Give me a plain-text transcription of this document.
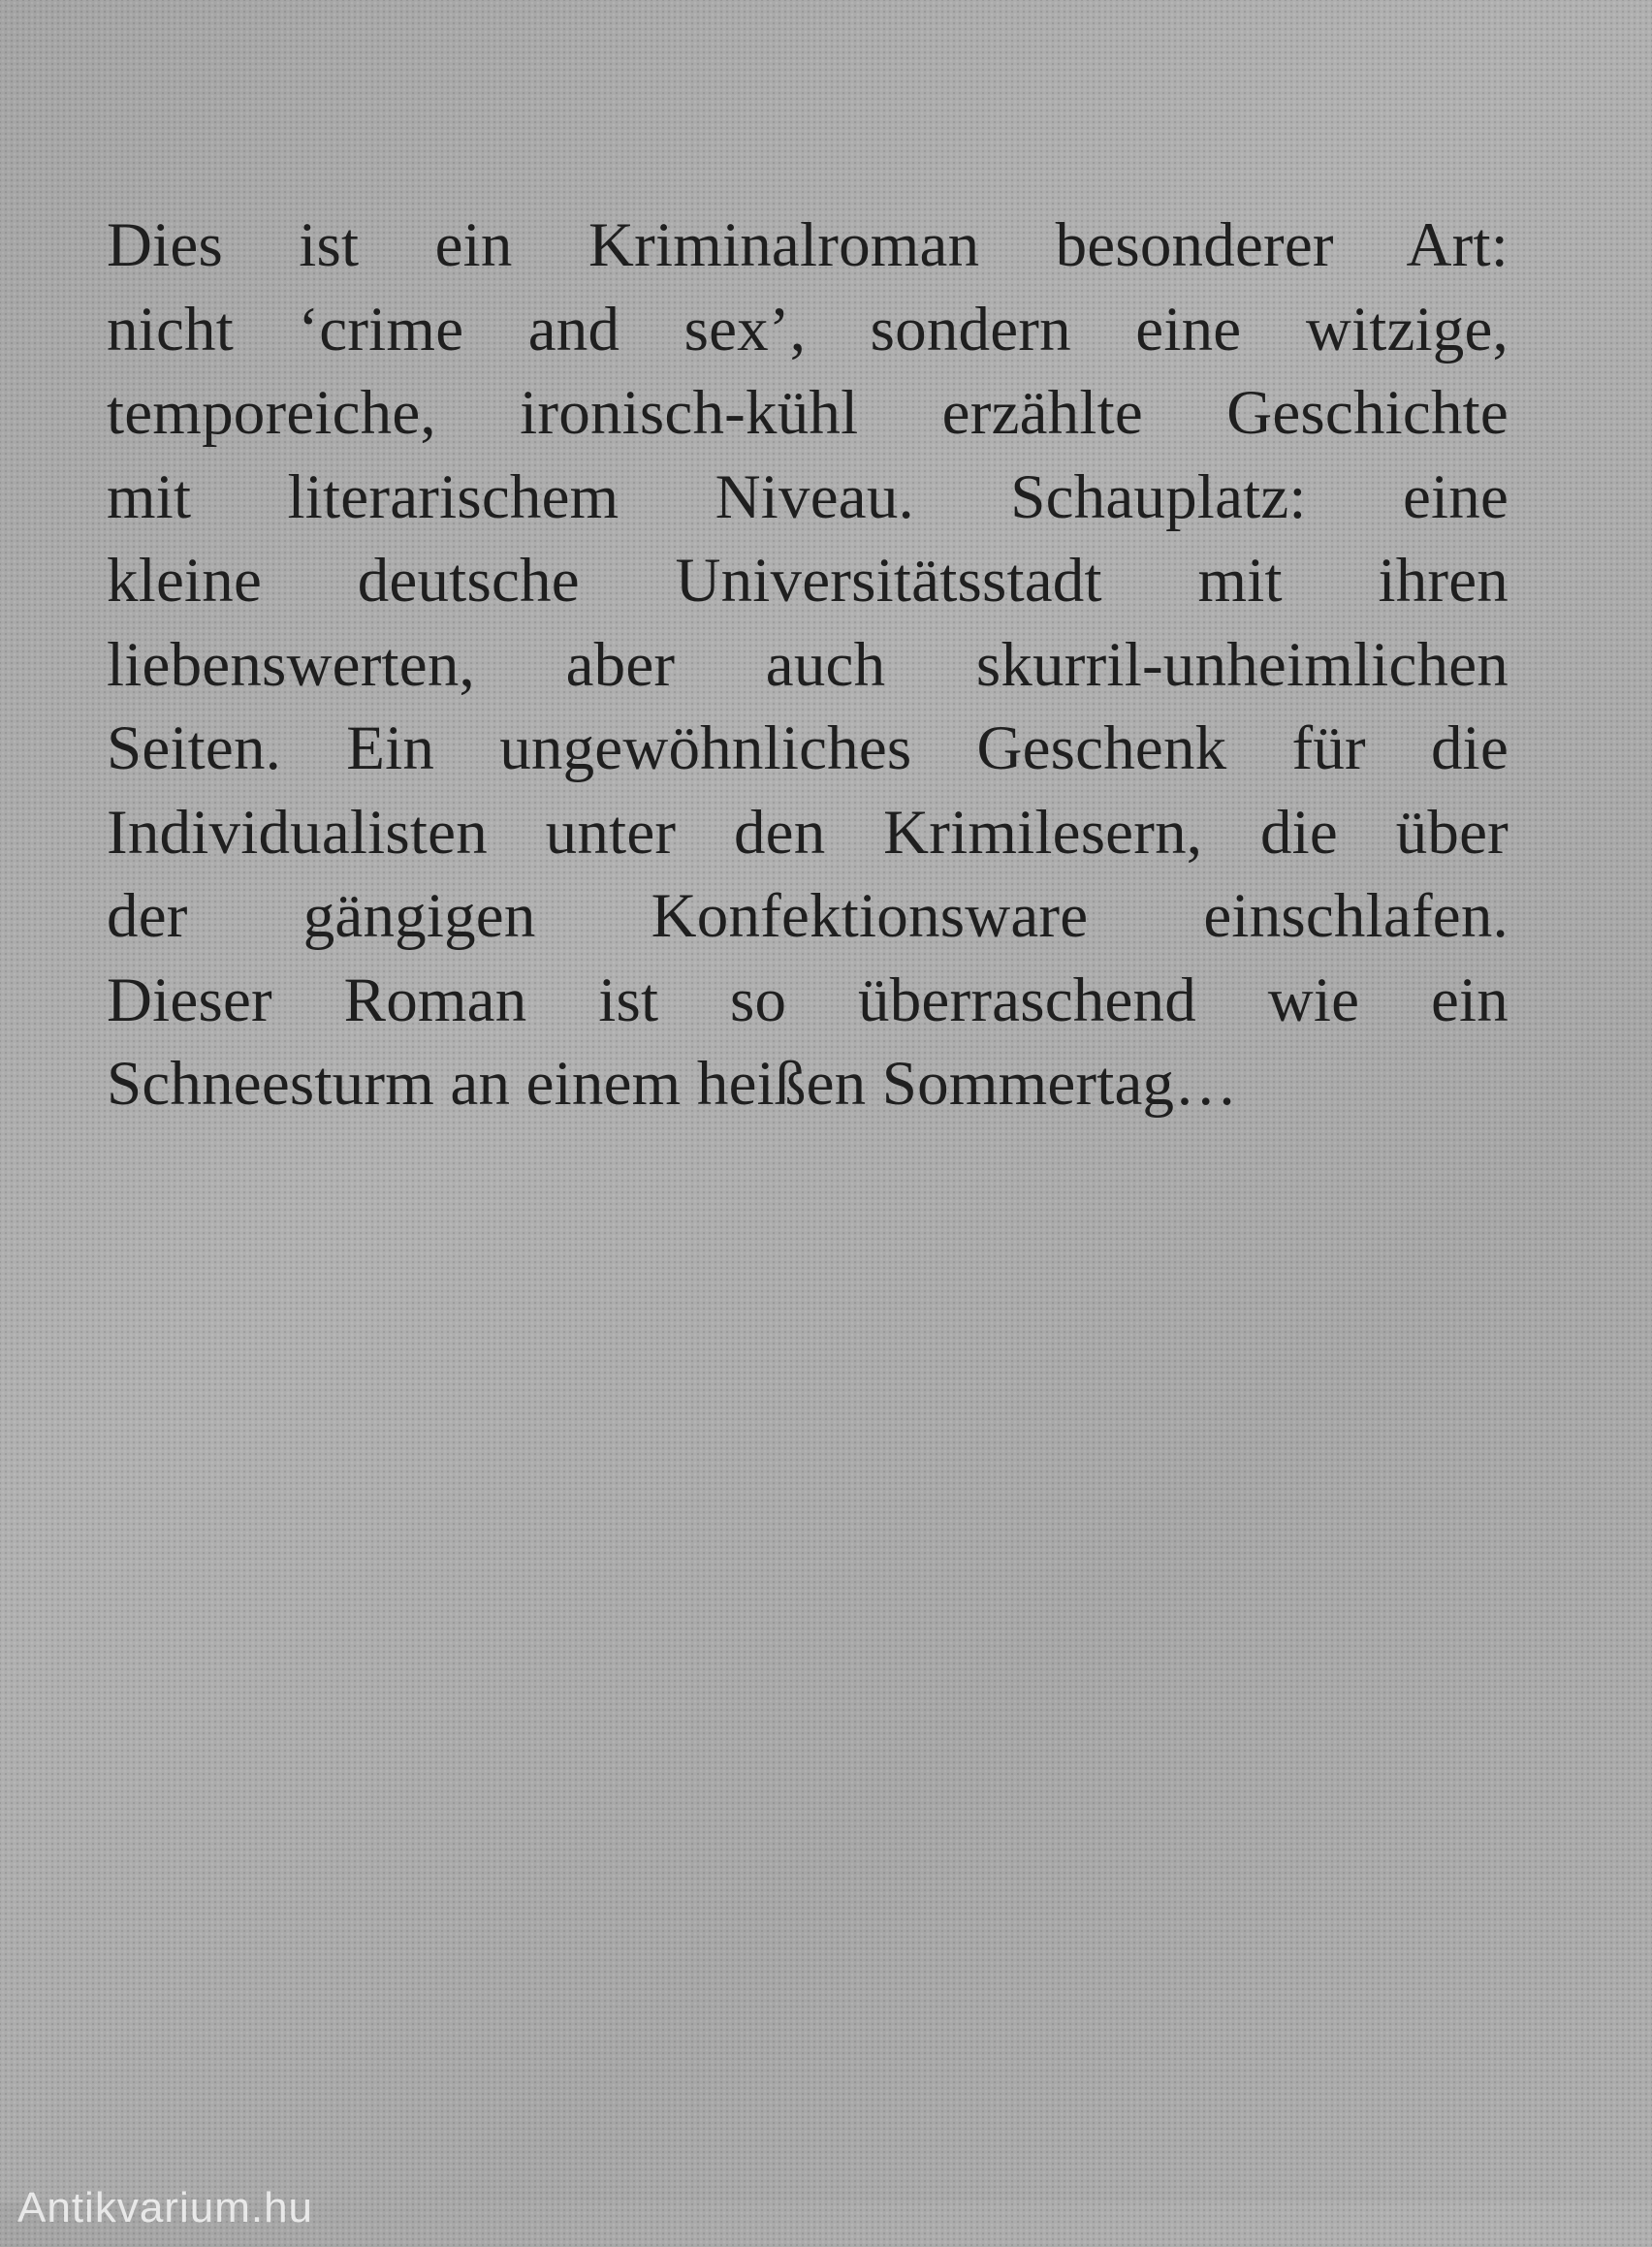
Dies ist ein Kriminalroman besonderer Art:
nicht ‘crime and sex’, sondern eine witzige,
temporeiche, ironisch-kühl erzählte Geschichte
mit literarischem Niveau. Schauplatz: eine
kleine deutsche Universitätsstadt mit ihren
liebenswerten, aber auch skurril-unheimlichen
Seiten. Ein ungewöhnliches Geschenk für die
Individualisten unter den Krimilesern, die über
der gängigen Konfektionsware einschlafen.
Dieser Roman ist so überraschend wie ein
Schneesturm an einem heißen Sommertag…
Antikvarium.hu
